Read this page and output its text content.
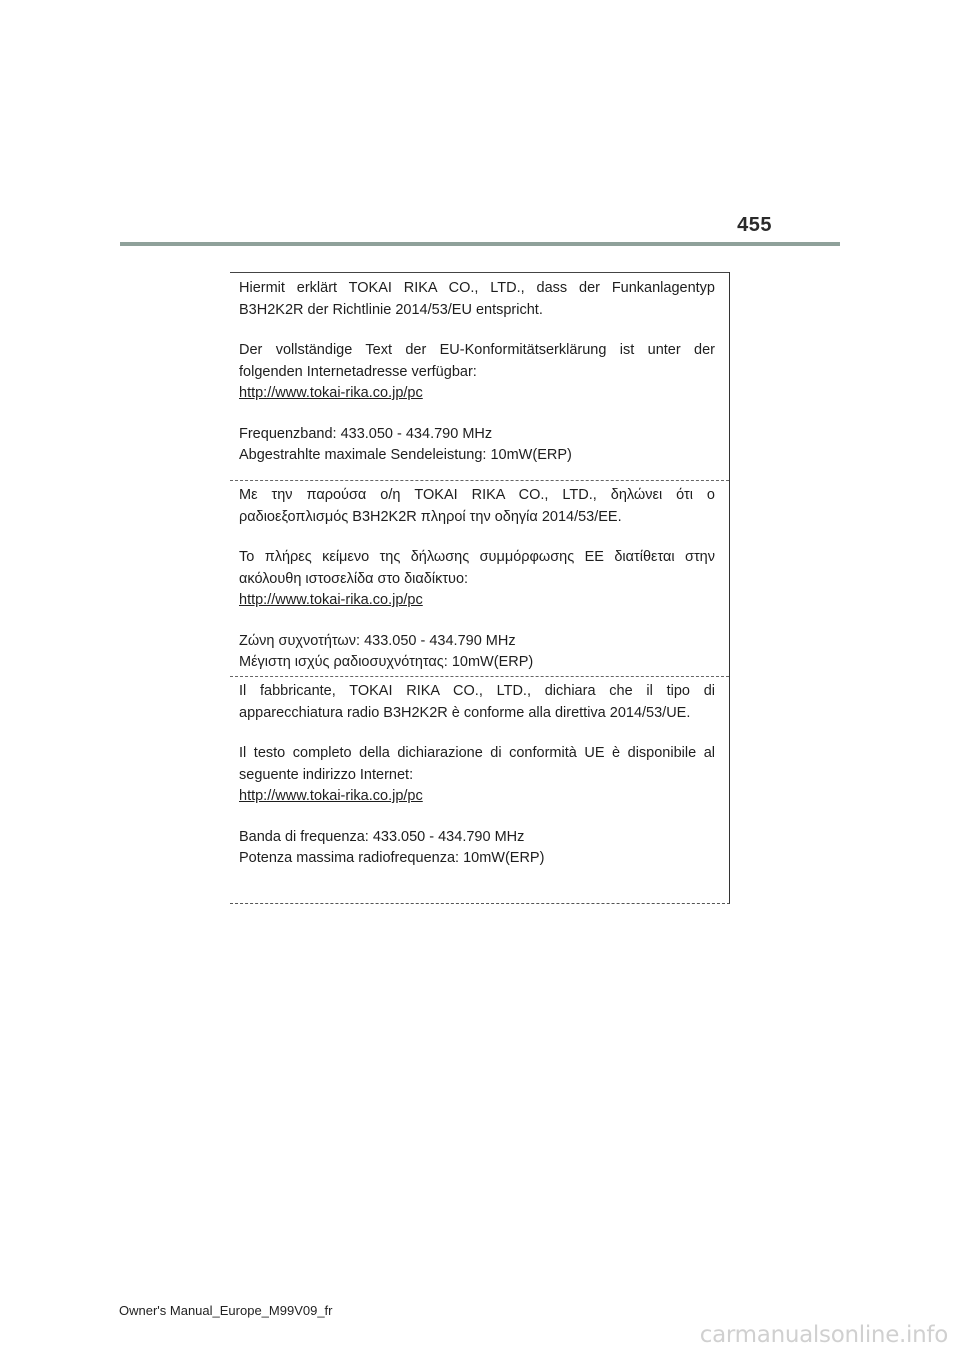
455

Hiermit erklärt TOKAI RIKA CO., LTD., dass der Funkanlagentyp B3H2K2R der Richtlinie 2014/53/EU entspricht.

Der vollständige Text der EU-Konformitätserklärung ist unter der folgenden Internetadresse verfügbar:

http://www.tokai-rika.co.jp/pc
Frequenzband: 433.050 - 434.790 MHz
Abgestrahlte maximale Sendeleistung: 10mW(ERP)

Με την παρούσα ο/η TOKAI RIKA CO., LTD., δηλώνει ότι ο ραδιοεξοπλισμός B3H2K2R πληροί την οδηγία 2014/53/ΕΕ.

Το πλήρες κείμενο της δήλωσης συμμόρφωσης ΕΕ διατίθεται στην ακόλουθη ιστοσελίδα στο διαδίκτυο:

http://www.tokai-rika.co.jp/pc
Ζώνη συχνοτήτων: 433.050 - 434.790 MHz
Μέγιστη ισχύς ραδιοσυχνότητας: 10mW(ERP)

Il fabbricante, TOKAI RIKA CO., LTD., dichiara che il tipo di apparecchiatura radio B3H2K2R è conforme alla direttiva 2014/53/UE.

Il testo completo della dichiarazione di conformità UE è disponibile al seguente indirizzo Internet:

http://www.tokai-rika.co.jp/pc
Banda di frequenza: 433.050 - 434.790 MHz
Potenza massima radiofrequenza: 10mW(ERP)
Owner's Manual_Europe_M99V09_fr
carmanualsonline.info
